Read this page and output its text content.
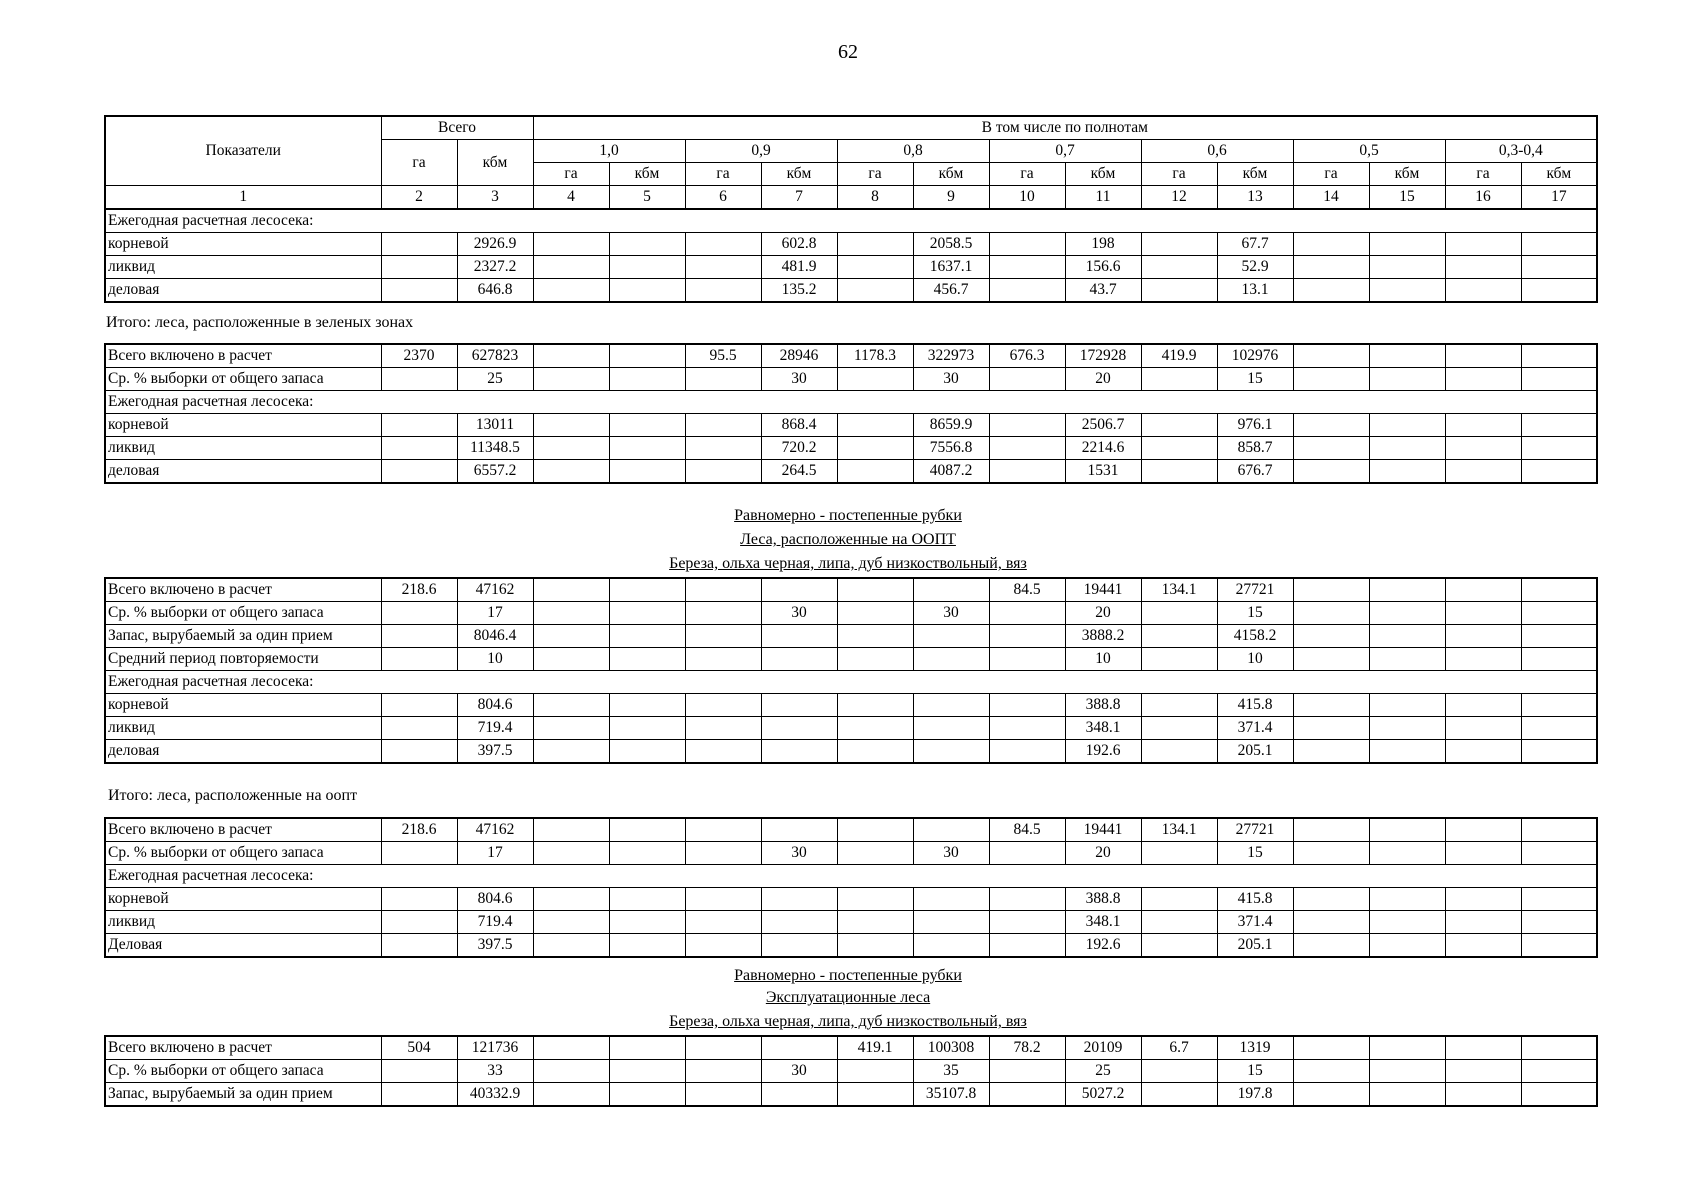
62
Показатели	Всего		В том числе по полнотам													
	га	кбм	1,0		0,9		0,8		0,7		0,6		0,5		0,3-0,4	
			га	кбм	га	кбм	га	кбм	га	кбм	га	кбм	га	кбм	га	кбм
1	2	3	4	5	6	7	8	9	10	11	12	13	14	15	16	17
Ежегодная расчетная лесосека:																
корневой		2926.9				602.8		2058.5		198		67.7				
ликвид		2327.2				481.9		1637.1		156.6		52.9				
деловая		646.8				135.2		456.7		43.7		13.1				
Итого: леса, расположенные в зеленых зонах
Всего включено в расчет	2370	627823			95.5	28946	1178.3	322973	676.3	172928	419.9	102976				
Ср. % выборки от общего запаса		25				30		30		20		15				
Ежегодная расчетная лесосека:																
корневой		13011				868.4		8659.9		2506.7		976.1				
ликвид		11348.5				720.2		7556.8		2214.6		858.7				
деловая		6557.2				264.5		4087.2		1531		676.7				
Равномерно - постепенные рубки
Леса, расположенные на ООПТ
Береза, ольха черная, липа, дуб низкоствольный, вяз
Всего включено в расчет	218.6	47162							84.5	19441	134.1	27721				
Ср. % выборки от общего запаса		17				30		30		20		15				
Запас, вырубаемый за один прием		8046.4								3888.2		4158.2				
Средний период повторяемости		10								10		10				
Ежегодная расчетная лесосека:																
корневой		804.6								388.8		415.8				
ликвид		719.4								348.1		371.4				
деловая		397.5								192.6		205.1				
Итого: леса, расположенные на оопт
Всего включено в расчет	218.6	47162							84.5	19441	134.1	27721				
Ср. % выборки от общего запаса		17				30		30		20		15				
Ежегодная расчетная лесосека:																
корневой		804.6								388.8		415.8				
ликвид		719.4								348.1		371.4				
Деловая		397.5								192.6		205.1				
Равномерно - постепенные рубки
Эксплуатационные леса
Береза, ольха черная, липа, дуб низкоствольный, вяз
Всего включено в расчет	504	121736					419.1	100308	78.2	20109	6.7	1319				
Ср. % выборки от общего запаса		33				30		35		25		15				
Запас, вырубаемый за один прием		40332.9						35107.8		5027.2		197.8				
